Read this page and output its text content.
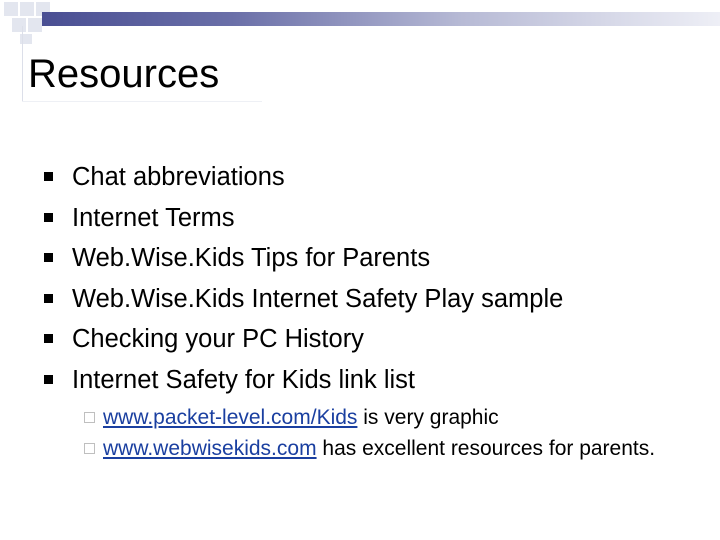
Resources
Chat abbreviations
Internet Terms
Web.Wise.Kids Tips for Parents
Web.Wise.Kids Internet Safety Play sample
Checking your PC History
Internet Safety for Kids link list
www.packet-level.com/Kids is very graphic
www.webwisekids.com has excellent resources for parents.
